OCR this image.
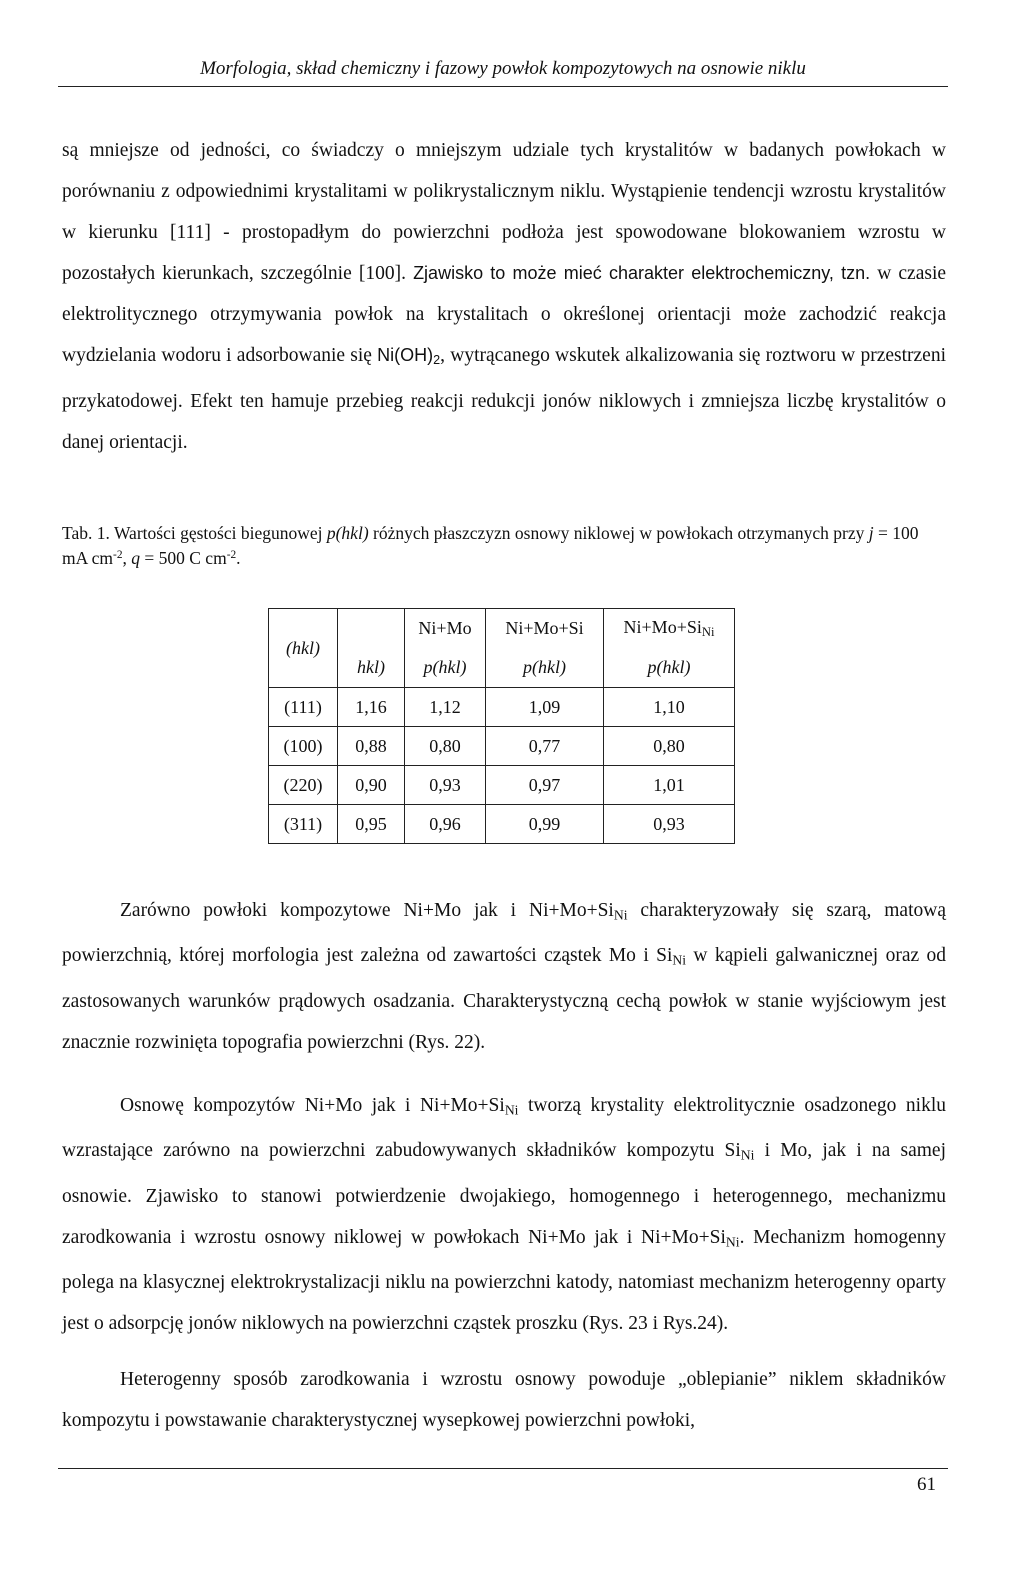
Morfologia, skład chemiczny i fazowy powłok kompozytowych na osnowie niklu

są mniejsze od jedności, co świadczy o mniejszym udziale tych krystalitów w badanych powłokach w porównaniu z odpowiednimi krystalitami w polikrystalicznym niklu. Wystąpienie tendencji wzrostu krystalitów w kierunku [111] - prostopadłym do powierzchni podłoża jest spowodowane blokowaniem wzrostu w pozostałych kierunkach, szczególnie [100]. Zjawisko to może mieć charakter elektrochemiczny, tzn. w czasie elektrolitycznego otrzymywania powłok na krystalitach o określonej orientacji może zachodzić reakcja wydzielania wodoru i adsorbowanie się $Ni(OH)_2$, wytrącanego wskutek alkalizowania się roztworu w przestrzeni przykatodowej. Efekt ten hamuje przebieg reakcji redukcji jonów niklowych i zmniejsza liczbę krystalitów o danej orientacji.

Tab. 1. Wartości gęstości biegunowej p(hkl) różnych płaszczyzn osnowy niklowej w powłokach otrzymanych przy j = 100 mA $cm^{-2}$, q = 500 C $cm^{-2}$.

(hkl)		Ni+Mo	Ni+Mo+Si	$Ni+Mo+Si_{Ni}$
	hkl)	p(hkl)	p(hkl)	p(hkl)
(111)	1,16	1,12	1,09	1,10
(100)	0,88	0,80	0,77	0,80
(220)	0,90	0,93	0,97	1,01
(311)	0,95	0,96	0,99	0,93

Zarówno powłoki kompozytowe Ni+Mo jak i $Ni+Mo+Si_{Ni}$ charakteryzowały się szarą, matową powierzchnią, której morfologia jest zależna od zawartości cząstek Mo i $Si_{Ni}$ w kąpieli galwanicznej oraz od zastosowanych warunków prądowych osadzania. Charakterystyczną cechą powłok w stanie wyjściowym jest znacznie rozwinięta topografia powierzchni (Rys. 22).

Osnowę kompozytów Ni+Mo jak i $Ni+Mo+Si_{Ni}$ tworzą krystality elektrolitycznie osadzonego niklu wzrastające zarówno na powierzchni zabudowywanych składników kompozytu $Si_{Ni}$ i Mo, jak i na samej osnowie. Zjawisko to stanowi potwierdzenie dwojakiego, homogennego i heterogennego, mechanizmu zarodkowania i wzrostu osnowy niklowej w powłokach Ni+Mo jak i $Ni+Mo+Si_{Ni}$. Mechanizm homogenny polega na klasycznej elektrokrystalizacji niklu na powierzchni katody, natomiast mechanizm heterogenny oparty jest o adsorpcję jonów niklowych na powierzchni cząstek proszku (Rys. 23 i Rys.24).

Heterogenny sposób zarodkowania i wzrostu osnowy powoduje „oblepianie” niklem składników kompozytu i powstawanie charakterystycznej wysepkowej powierzchni powłoki,

61
